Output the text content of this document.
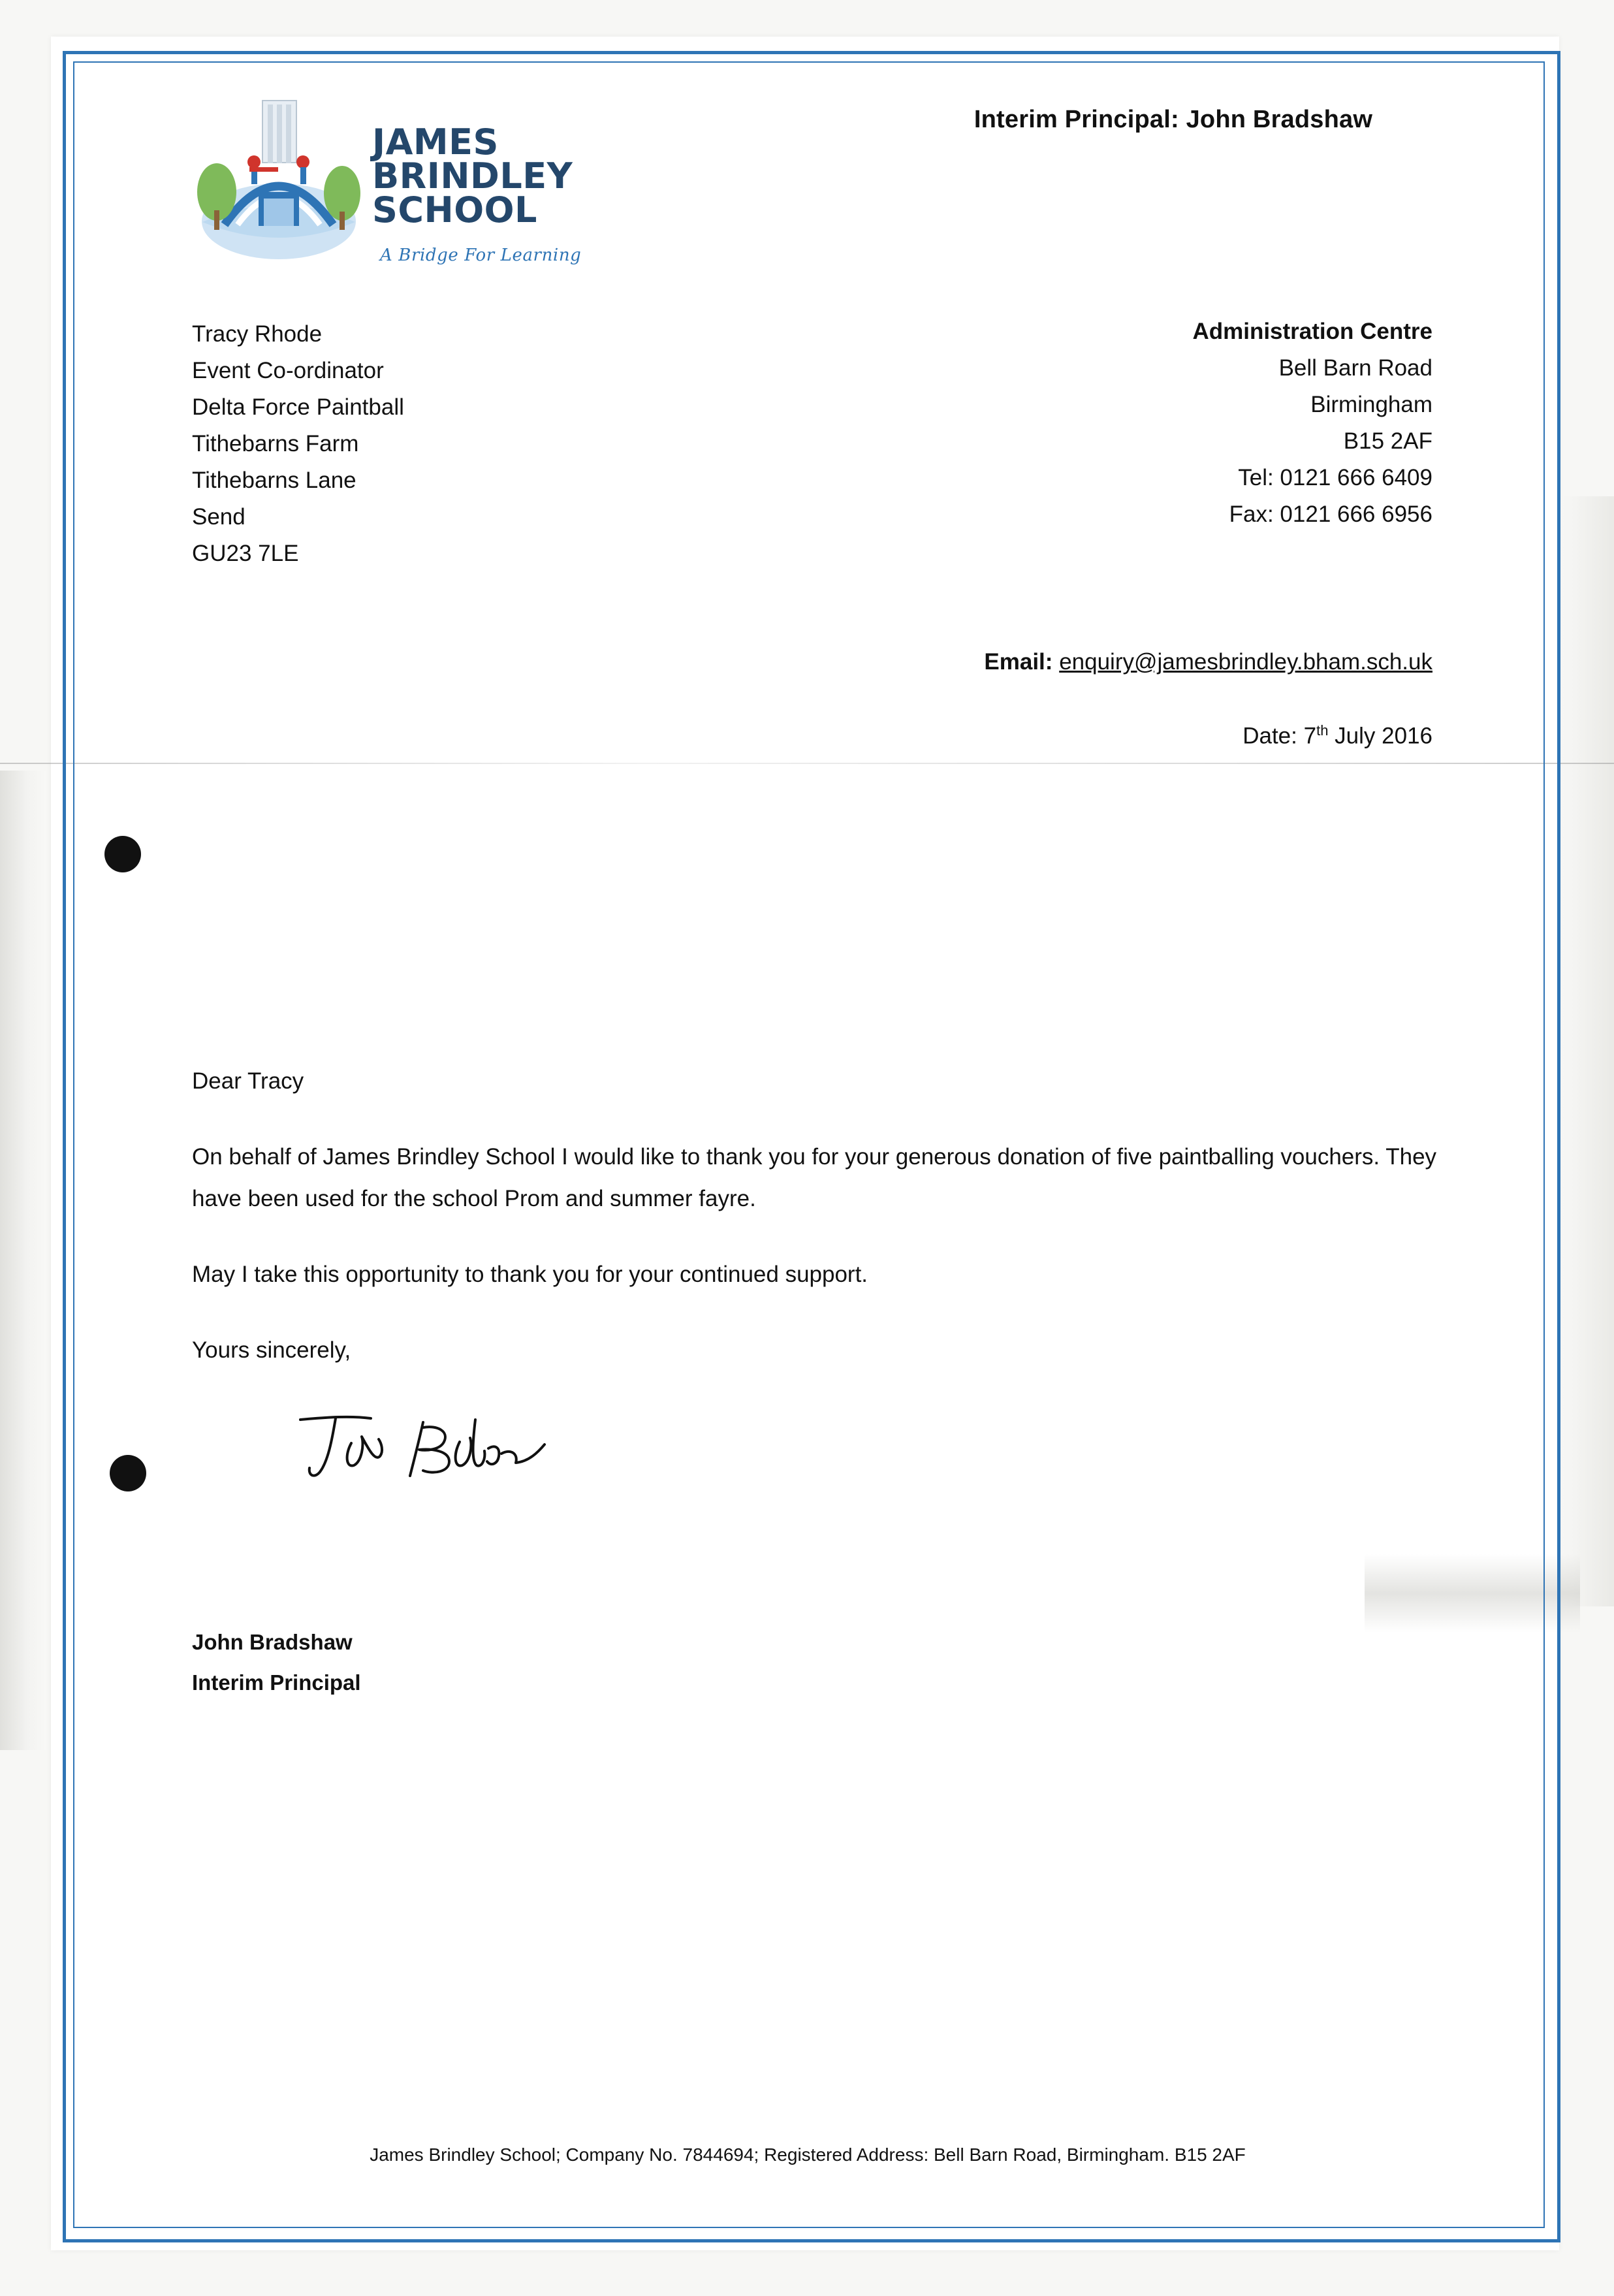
Interim Principal: John Bradshaw
JAMES
BRINDLEY
SCHOOL
A Bridge For Learning
Tracy Rhode
Event Co-ordinator
Delta Force Paintball
Tithebarns Farm
Tithebarns Lane
Send
GU23 7LE
Administration Centre
Bell Barn Road
Birmingham
B15 2AF
Tel: 0121 666 6409
Fax: 0121 666 6956
Email: enquiry@jamesbrindley.bham.sch.uk
Date: 7th July 2016

Dear Tracy

On behalf of James Brindley School I would like to thank you for your generous donation of five paintballing vouchers. They have been used for the school Prom and summer fayre.

May I take this opportunity to thank you for your continued support.

Yours sincerely,

John Bradshaw
Interim Principal
James Brindley School; Company No. 7844694; Registered Address: Bell Barn Road, Birmingham. B15 2AF
